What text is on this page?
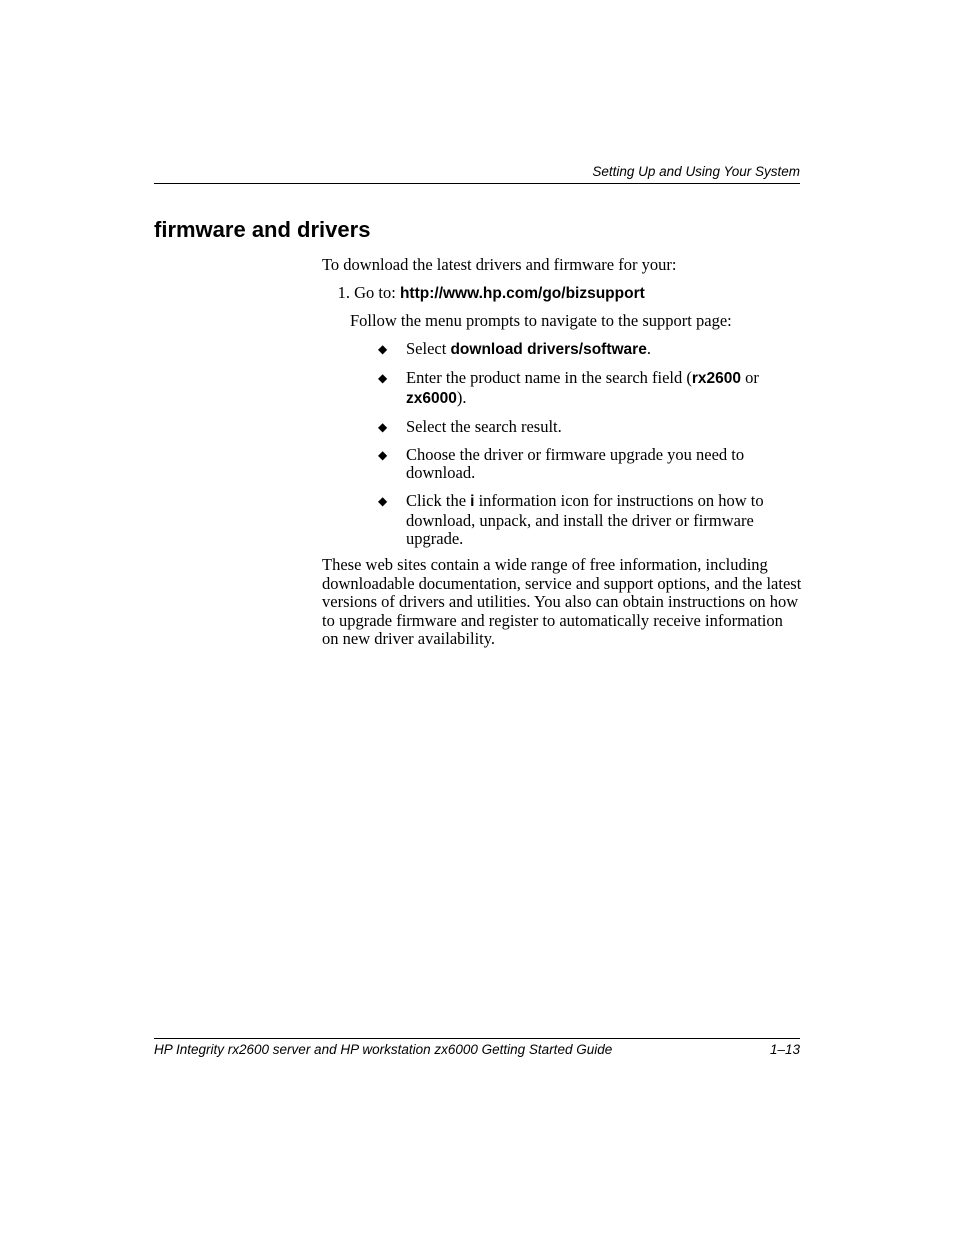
Setting Up and Using Your System
firmware and drivers
To download the latest drivers and firmware for your:
1. Go to: http://www.hp.com/go/bizsupport
Follow the menu prompts to navigate to the support page:
◆ Select download drivers/software.
◆ Enter the product name in the search field (rx2600 or zx6000).
◆ Select the search result.
◆ Choose the driver or firmware upgrade you need to download.
◆ Click the i information icon for instructions on how to download, unpack, and install the driver or firmware upgrade.
These web sites contain a wide range of free information, including downloadable documentation, service and support options, and the latest versions of drivers and utilities. You also can obtain instructions on how to upgrade firmware and register to automatically receive information on new driver availability.
HP Integrity rx2600 server and HP workstation zx6000 Getting Started Guide	1–13
